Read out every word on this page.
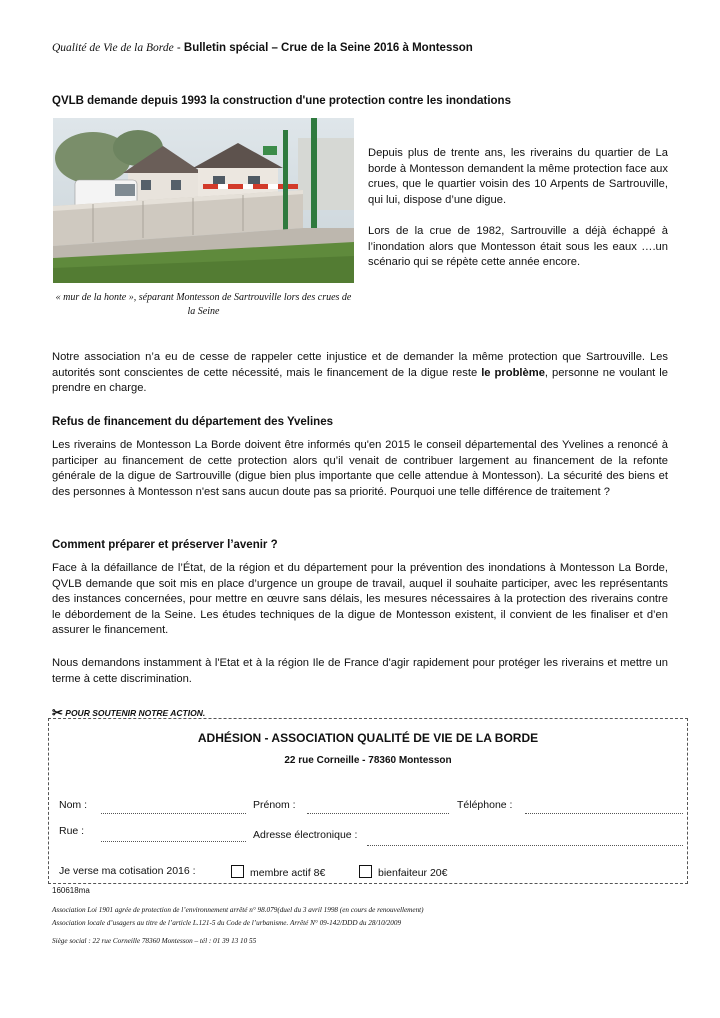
Qualité de Vie de la Borde - Bulletin spécial – Crue de la Seine 2016 à Montesson
QVLB demande depuis 1993 la construction d'une protection contre les inondations
« mur de la honte », séparant Montesson de Sartrouville lors des crues de la Seine
Depuis plus de trente ans, les riverains du quartier de La borde à Montesson demandent la même protection face aux crues, que le quartier voisin des 10 Arpents de Sartrouville, qui lui, dispose d’une digue.
Lors de la crue de 1982, Sartrouville a déjà échappé à l’inondation alors que Montesson était sous les eaux ….un scénario qui se répète cette année encore.
Notre association n’a eu de cesse de rappeler cette injustice et de demander la même protection que Sartrouville. Les autorités sont conscientes de cette nécessité, mais le financement de la digue reste le problème, personne ne voulant le prendre en charge.
Refus de financement du département des Yvelines
Les riverains de Montesson La Borde doivent être informés qu'en 2015 le conseil départemental des Yvelines a renoncé à participer au financement de cette protection alors qu’il venait de contribuer largement au financement de la refonte générale de la digue de Sartrouville (digue bien plus importante que celle attendue à Montesson). La sécurité des biens et des personnes à Montesson n'est sans aucun doute pas sa priorité. Pourquoi une telle différence de traitement ?
Comment préparer et préserver l’avenir ?
Face à la défaillance de l’État, de la région et du département pour la prévention des inondations à Montesson La Borde, QVLB demande que soit mis en place d’urgence un groupe de travail, auquel il souhaite participer, avec les représentants des instances concernées, pour mettre en œuvre sans délais, les mesures nécessaires à la protection des riverains contre le débordement de la Seine. Les études techniques de la digue de Montesson existent, il convient de les finaliser et d’en assurer le financement.
Nous demandons instamment à l'Etat et à la région Ile de France d'agir rapidement pour protéger les riverains et mettre un terme à cette discrimination.
✂ POUR SOUTENIR NOTRE ACTION.
ADHÉSION - ASSOCIATION QUALITÉ DE VIE DE LA BORDE
22 rue Corneille - 78360 Montesson
Nom :	Prénom :	Téléphone :
Rue :	Adresse électronique :
Je verse ma cotisation 2016 :	membre actif 8€	bienfaiteur 20€
160618ma
Association Loi 1901 agrée de protection de l’environnement arrêté n° 98.079(duel du 3 avril 1998 (en cours de renouvellement)
Association locale d’usagers au titre de l’article L.121-5 du Code de l’urbanisme. Arrêté N° 09-142/DDD du 28/10/2009
Siège social : 22 rue Corneille 78360 Montesson – tél : 01 39 13 10 55
